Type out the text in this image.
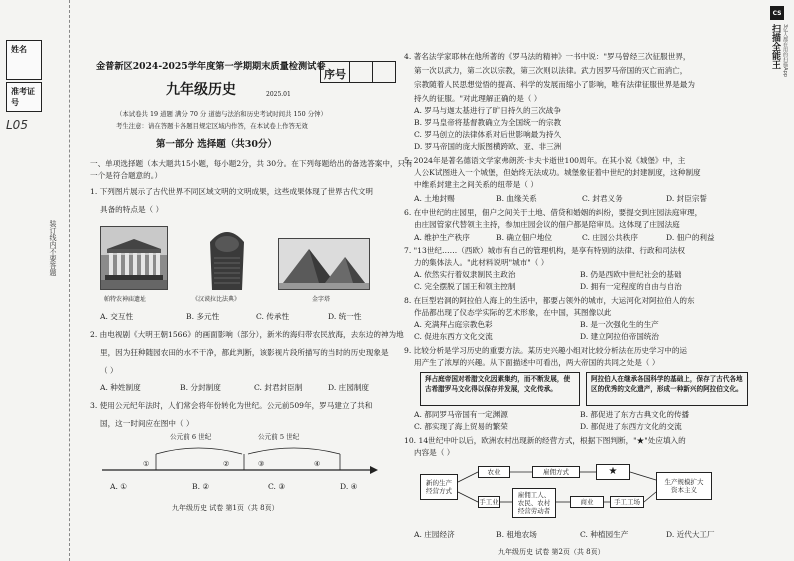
姓名
准考证号
L05
装订线内不要答题
金普新区2024-2025学年度第一学期期末质量检测试卷
九年级历史	2025.01
（本试卷共 19 道题 满分 70 分 道德与法治和历史考试时间共 150 分钟）
考生注意：请在答题卡各题目规定区域内作答，在本试卷上作答无效
第一部分 选择题（共30分）
一、单项选择题（本大题共15小题，每小题2分，共 30分。在下列每题给出的备选答案中，只有
一个是符合题意的。）
1. 下列图片展示了古代世界不同区域文明的文明成果，这些成果体现了世界古代文明
具备的特点是（ ）
帕特农神庙遗址	《汉谟拉比法典》	金字塔
A. 交互性	B. 多元性	C. 传承性	D. 统一性
2. 由电视剧《大明王朝1566》的画面影响（部分），新米的海归带农民放海，去东边的神为地
里，因为狂种随园农田的水不干净，都此判断，该影视片段所描写的当时的历史现象是
（ ）
A. 种姓制度	B. 分封制度	C. 封君封臣制	D. 庄园制度
3. 使用公元纪年法时，人们常会将年份转化为世纪。公元前509年，罗马建立了共和
国，这一时间应在图中（ ）
公元前 6 世纪	公元前 5 世纪
①	②	③	④
A. ①	B. ②	C. ③	D. ④
九年级历史 试卷 第1页（共 8页）
序号
4. 著名法学家耶林在他所著的《罗马法的精神》一书中说："罗马曾经三次征服世界，
第一次以武力，第二次以宗教，第三次则以法律。武力因罗马帝国的灭亡而消亡，
宗教随着人民思想觉悟的提高、科学的发展而缩小了影响，唯有法律征服世界是最为
持久的征服。"对此理解正确的是（ ）
A. 罗马与迦太基进行了旷日持久的三次战争
B. 罗马皇帝将基督教确立为全国统一的宗教
C. 罗马创立的法律体系对后世影响最为持久
D. 罗马帝国的庞大版图横跨欧、亚、非三洲
5. 2024年是著名德语文学家弗朗茨·卡夫卡逝世100周年。在其小说《城堡》中，主
人公K试图进入一个城堡，但始终无法成功。城堡象征着中世纪的封建制度，这种制度
中维系封建主之间关系的纽带是（ ）
A. 土地封赐	B. 血缘关系	C. 封君义务	D. 封臣宗誓
6. 在中世纪的庄园里，佃户之间关于土地、借贷和婚姻的纠纷，要提交到庄园法庭审理，
由庄园管家代替领主主持，参加庄园会议的佃户都是陪审员。这体现了庄园法庭
A. 维护生产秩序	B. 确立佃户地位	C. 庄园公共秩序	D. 佃户的利益
7. "13世纪……（西欧）城市有自己的管理机构，是享有特别的法律、行政和司法权
力的集体法人。"此材料说明"城市"（ ）
A. 依然实行着奴隶制民主政治	B. 仍是西欧中世纪社会的基础
C. 完全摆脱了国王和领主控制	D. 拥有一定程度的自由与自治
8. 在巨型岩洞的阿拉伯人海上的生活中，都要占领外的城市，大运河化对阿拉伯人的东
作品都出现了仪态学实际的艺术形象，在中国，其图像以此
A. 充满拜占庭宗教色彩	B. 是一次强化生的生产
C. 促进东西方文化交流	D. 建立阿拉伯帝国统治
9. 比较分析是学习历史的重要方法。某历史兴趣小组对比较分析法在历史学习中的运
用产生了浓厚的兴趣。从下面描述中可看出，两大帝国的共同之处是（ ）
拜占庭帝国对希腊文化因素集约，而不断发展，使古希腊罗马文化得以保存并发展，文化传承。
阿拉伯人在继承各国科学的基础上，保存了古代各地区的优秀的文化遗产，形成一种新兴的阿拉伯文化。
A. 都同罗马帝国有一定渊源	B. 都促进了东方古典文化的传播
C. 都实现了海上贸易的繁荣	D. 都促进了东西方文化的交流
10. 14世纪中叶以后，欧洲农村出现新的经营方式，根据下图判断，"★"处应填入的
内容是（ ）
新的生产
经营方式
农业	雇佣方式	★
生产规模扩大
资本主义
手工业
雇佣工人、
农民、农村
经营劳动者
商业	手工工场
A. 庄园经济	B. 租地农场	C. 种植园生产	D. 近代大工厂
九年级历史 试卷 第2页（共 8页）
CS
扫描全能王 3亿人都在用的扫描App
